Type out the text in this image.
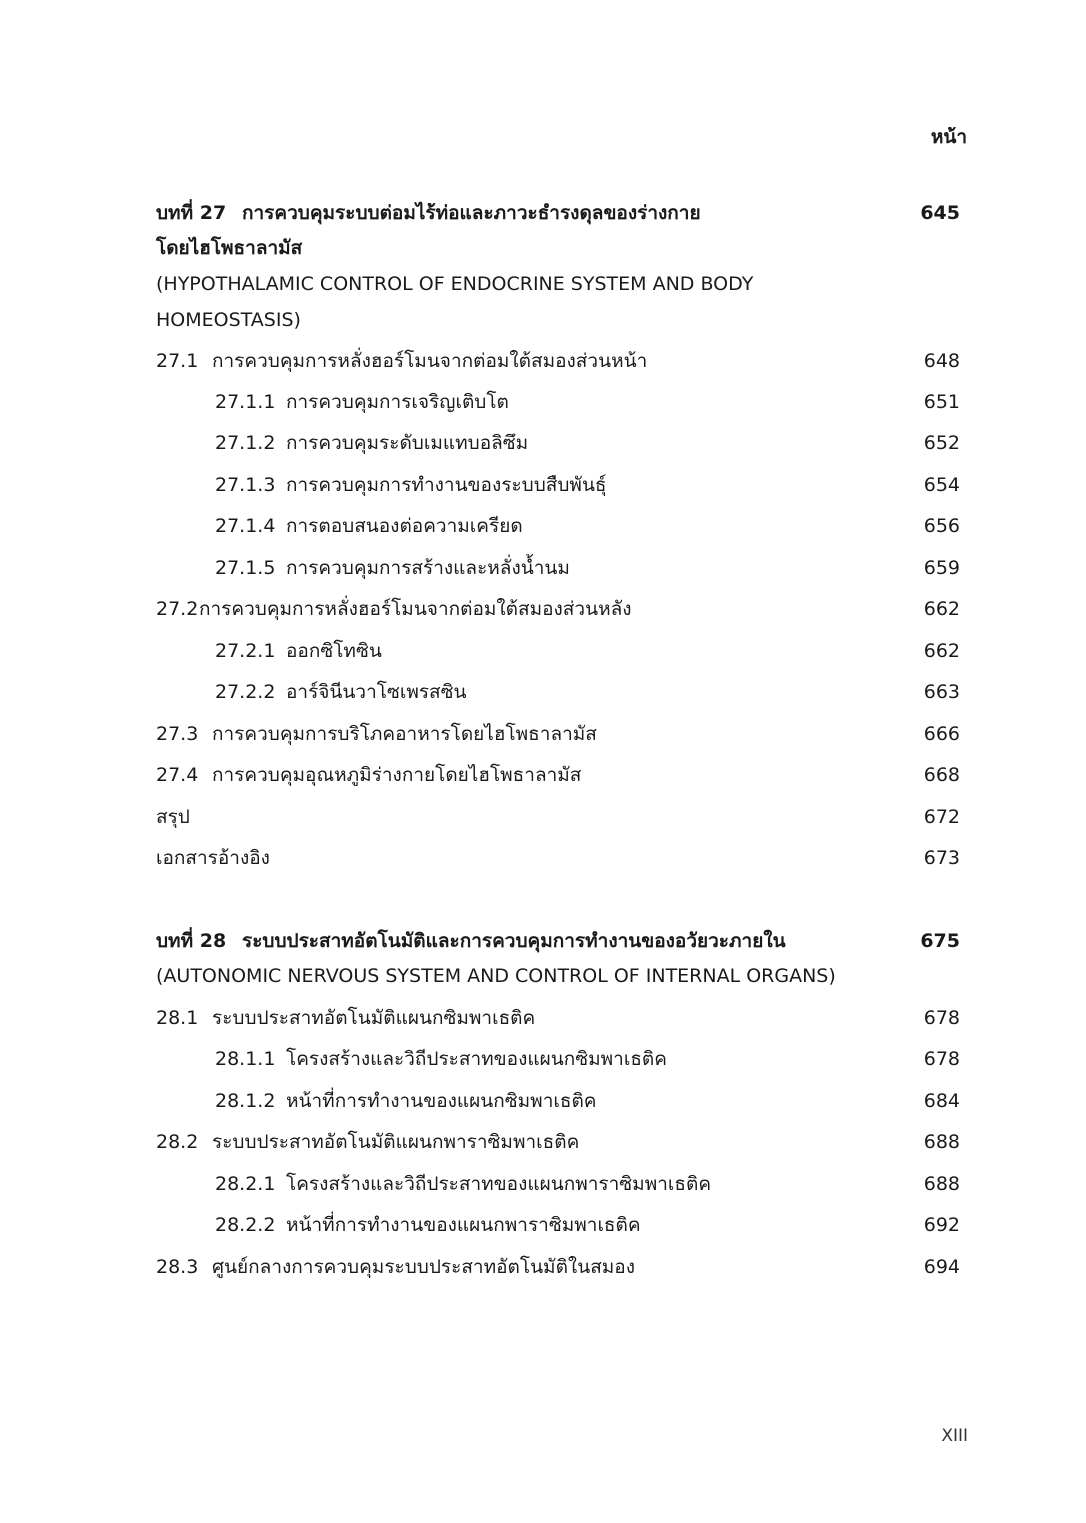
หน้า
บทที่ 27 การควบคุมระบบต่อมไร้ท่อและภาวะธำรงดุลของร่างกาย	645
โดยไฮโพธาลามัส
(HYPOTHALAMIC CONTROL OF ENDOCRINE SYSTEM AND BODY
HOMEOSTASIS)
27.1 การควบคุมการหลั่งฮอร์โมนจากต่อมใต้สมองส่วนหน้า	648
27.1.1 การควบคุมการเจริญเติบโต	651
27.1.2 การควบคุมระดับเมแทบอลิซึม	652
27.1.3 การควบคุมการทำงานของระบบสืบพันธุ์	654
27.1.4 การตอบสนองต่อความเครียด	656
27.1.5 การควบคุมการสร้างและหลั่งน้ำนม	659
27.2 การควบคุมการหลั่งฮอร์โมนจากต่อมใต้สมองส่วนหลัง	662
27.2.1 ออกซิโทซิน	662
27.2.2 อาร์จินีนวาโซเพรสซิน	663
27.3 การควบคุมการบริโภคอาหารโดยไฮโพธาลามัส	666
27.4 การควบคุมอุณหภูมิร่างกายโดยไฮโพธาลามัส	668
สรุป	672
เอกสารอ้างอิง	673
บทที่ 28 ระบบประสาทอัตโนมัติและการควบคุมการทำงานของอวัยวะภายใน	675
(AUTONOMIC NERVOUS SYSTEM AND CONTROL OF INTERNAL ORGANS)
28.1 ระบบประสาทอัตโนมัติแผนกซิมพาเธติค	678
28.1.1 โครงสร้างและวิถีประสาทของแผนกซิมพาเธติค	678
28.1.2 หน้าที่การทำงานของแผนกซิมพาเธติค	684
28.2 ระบบประสาทอัตโนมัติแผนกพาราซิมพาเธติค	688
28.2.1 โครงสร้างและวิถีประสาทของแผนกพาราซิมพาเธติค	688
28.2.2 หน้าที่การทำงานของแผนกพาราซิมพาเธติค	692
28.3 ศูนย์กลางการควบคุมระบบประสาทอัตโนมัติในสมอง	694
XIII
